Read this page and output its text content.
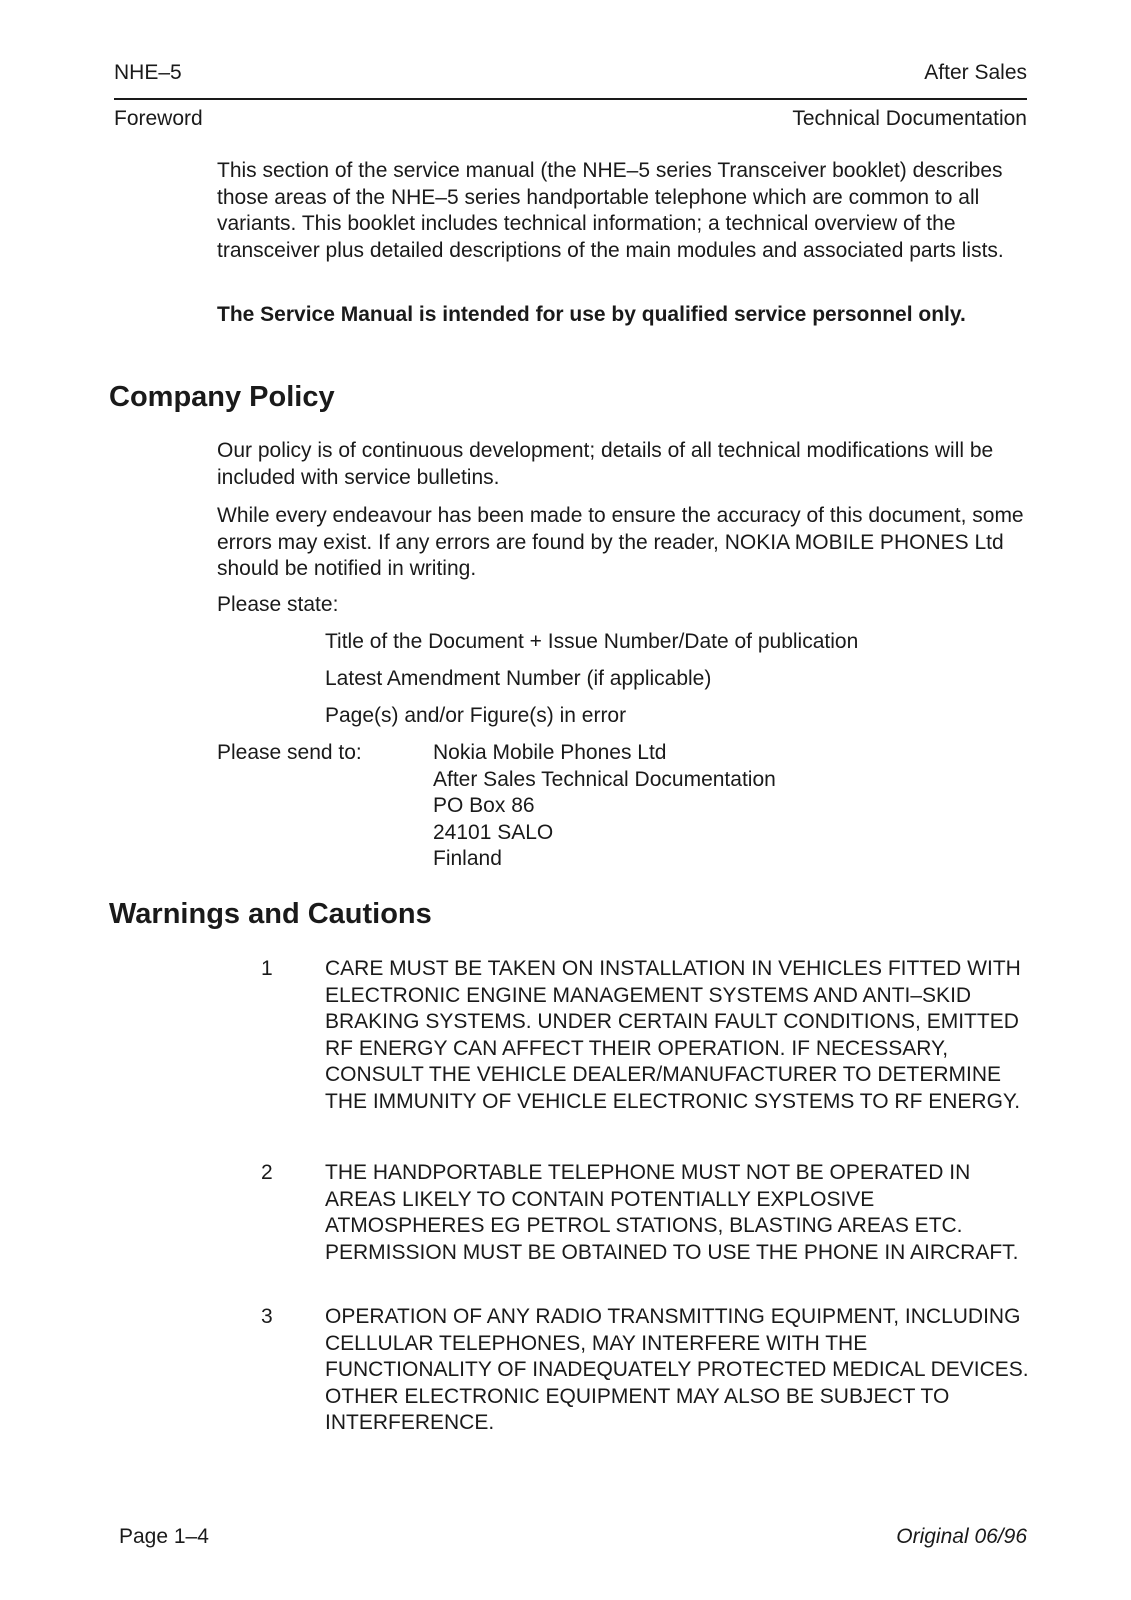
NHE–5	After Sales
Foreword	Technical Documentation

This section of the service manual (the NHE–5 series Transceiver booklet) describes those areas of the NHE–5 series handportable telephone which are common to all variants. This booklet includes technical information; a technical overview of the transceiver plus detailed descriptions of the main modules and associated parts lists.

The Service Manual is intended for use by qualified service personnel only.

Company Policy

Our policy is of continuous development; details of all technical modifications will be included with service bulletins.

While every endeavour has been made to ensure the accuracy of this document, some errors may exist. If any errors are found by the reader, NOKIA MOBILE PHONES Ltd should be notified in writing.

Please state:
Title of the Document + Issue Number/Date of publication
Latest Amendment Number (if applicable)
Page(s) and/or Figure(s) in error
Please send to:	Nokia Mobile Phones Ltd
After Sales Technical Documentation
PO Box 86
24101 SALO
Finland
Warnings and Cautions
1 CARE MUST BE TAKEN ON INSTALLATION IN VEHICLES FITTED WITH ELECTRONIC ENGINE MANAGEMENT SYSTEMS AND ANTI–SKID BRAKING SYSTEMS. UNDER CERTAIN FAULT CONDITIONS, EMITTED RF ENERGY CAN AFFECT THEIR OPERATION. IF NECESSARY, CONSULT THE VEHICLE DEALER/MANUFACTURER TO DETERMINE THE IMMUNITY OF VEHICLE ELECTRONIC SYSTEMS TO RF ENERGY.

2 THE HANDPORTABLE TELEPHONE MUST NOT BE OPERATED IN AREAS LIKELY TO CONTAIN POTENTIALLY EXPLOSIVE ATMOSPHERES EG PETROL STATIONS, BLASTING AREAS ETC. PERMISSION MUST BE OBTAINED TO USE THE PHONE IN AIRCRAFT.

3 OPERATION OF ANY RADIO TRANSMITTING EQUIPMENT, INCLUDING CELLULAR TELEPHONES, MAY INTERFERE WITH THE FUNCTIONALITY OF INADEQUATELY PROTECTED MEDICAL DEVICES. OTHER ELECTRONIC EQUIPMENT MAY ALSO BE SUBJECT TO INTERFERENCE.

Page 1–4	Original 06/96
